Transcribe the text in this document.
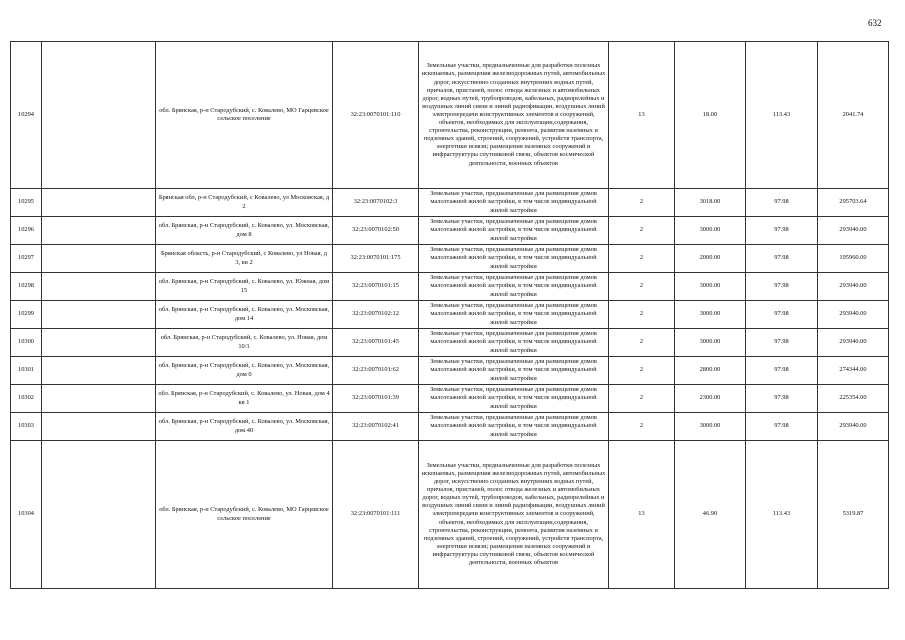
632
10294		обл. Брянская, р-н Стародубский, с. Ковалево, МО Гарцевское сельское поселение	32:23:0070101:110	Земельные участки, предназначенные для разработки полезных ископаемых, размещения железнодорожных путей, автомобильных дорог, искусственно созданных внутренних водных путей, причалов, пристаней, полос отвода железных и автомобильных дорог, водных путей, трубопроводов, кабельных, радиорелейных и воздушных линий связи и линий радиофикации, воздушных линий электропередачи конструктивных элементов и сооружений, объектов, необходимых для эксплуатации,содержания, строительства, реконструкции, ремонта, развития наземных и подземных зданий, строений, сооружений, устройств транспорта, энергетики нсвязи; размещения наземных сооружений и инфраструктуры спутниковой связи, объектов космической деятельности, военных объектов	13	18.00	113.43	2041.74
10295		Брянская обл, р-н Стародубский, с Ковалево, ул Московская, д 2	32:23:0070102:3	Земельные участки, предназначенные для размещения домов малоэтажной жилой застройки, в том числе индивидуальной жилой застройки	2	3018.00	97.98	295703.64
10296		обл. Брянская, р-н Стародубский, с. Ковалево, ул. Московская, дом 8	32:23:0070102:50	Земельные участки, предназначенные для размещения домов малоэтажной жилой застройки, в том числе индивидуальной жилой застройки	2	3000.00	97.98	293940.00
10297		Брянская область, р-н Стародубский, с Ковалево, ул Новая, д 3, кв 2	32:23:0070101:175	Земельные участки, предназначенные для размещения домов малоэтажной жилой застройки, в том числе индивидуальной жилой застройки	2	2000.00	97.98	195960.00
10298		обл. Брянская, р-н Стародубский, с. Ковалево, ул. Южная, дом 15	32:23:0070101:15	Земельные участки, предназначенные для размещения домов малоэтажной жилой застройки, в том числе индивидуальной жилой застройки	2	3000.00	97.98	293940.00
10299		обл. Брянская, р-н Стародубский, с. Ковалево, ул. Московская, дом 14	32:23:0070102:12	Земельные участки, предназначенные для размещения домов малоэтажной жилой застройки, в том числе индивидуальной жилой застройки	2	3000.00	97.98	293940.00
10300		обл. Брянская, р-н Стародубский, с. Ковалево, ул. Новая, дом 10/1	32:23:0070101:45	Земельные участки, предназначенные для размещения домов малоэтажной жилой застройки, в том числе индивидуальной жилой застройки	2	3000.00	97.98	293940.00
10301		обл. Брянская, р-н Стародубский, с. Ковалево, ул. Московская, дом 0	32:23:0070101:62	Земельные участки, предназначенные для размещения домов малоэтажной жилой застройки, в том числе индивидуальной жилой застройки	2	2800.00	97.98	274344.00
10302		обл. Брянская, р-н Стародубский, с. Ковалево, ул. Новая, дом 4 кв 1	32:23:0070101:39	Земельные участки, предназначенные для размещения домов малоэтажной жилой застройки, в том числе индивидуальной жилой застройки	2	2300.00	97.98	225354.00
10303		обл. Брянская, р-н Стародубский, с. Ковалево, ул. Московская, дом 40	32:23:0070102:41	Земельные участки, предназначенные для размещения домов малоэтажной жилой застройки, в том числе индивидуальной жилой застройки	2	3000.00	97.98	293940.00
10304		обл. Брянская, р-н Стародубский, с. Ковалево, МО Гарцевское сельское поселение	32:23:0070101:111	Земельные участки, предназначенные для разработки полезных ископаемых, размещения железнодорожных путей, автомобильных дорог, искусственно созданных внутренних водных путей, причалов, пристаней, полос отвода железных и автомобильных дорог, водных путей, трубопроводов, кабельных, радиорелейных и воздушных линий связи и линий радиофикации, воздушных линий электропередачи конструктивных элементов и сооружений, объектов, необходимых для эксплуатации,содержания, строительства, реконструкции, ремонта, развития наземных и подземных зданий, строений, сооружений, устройств транспорта, энергетики нсвязи; размещения наземных сооружений и инфраструктуры спутниковой связи, объектов космической деятельности, военных объектов	13	46.90	113.43	5319.87
